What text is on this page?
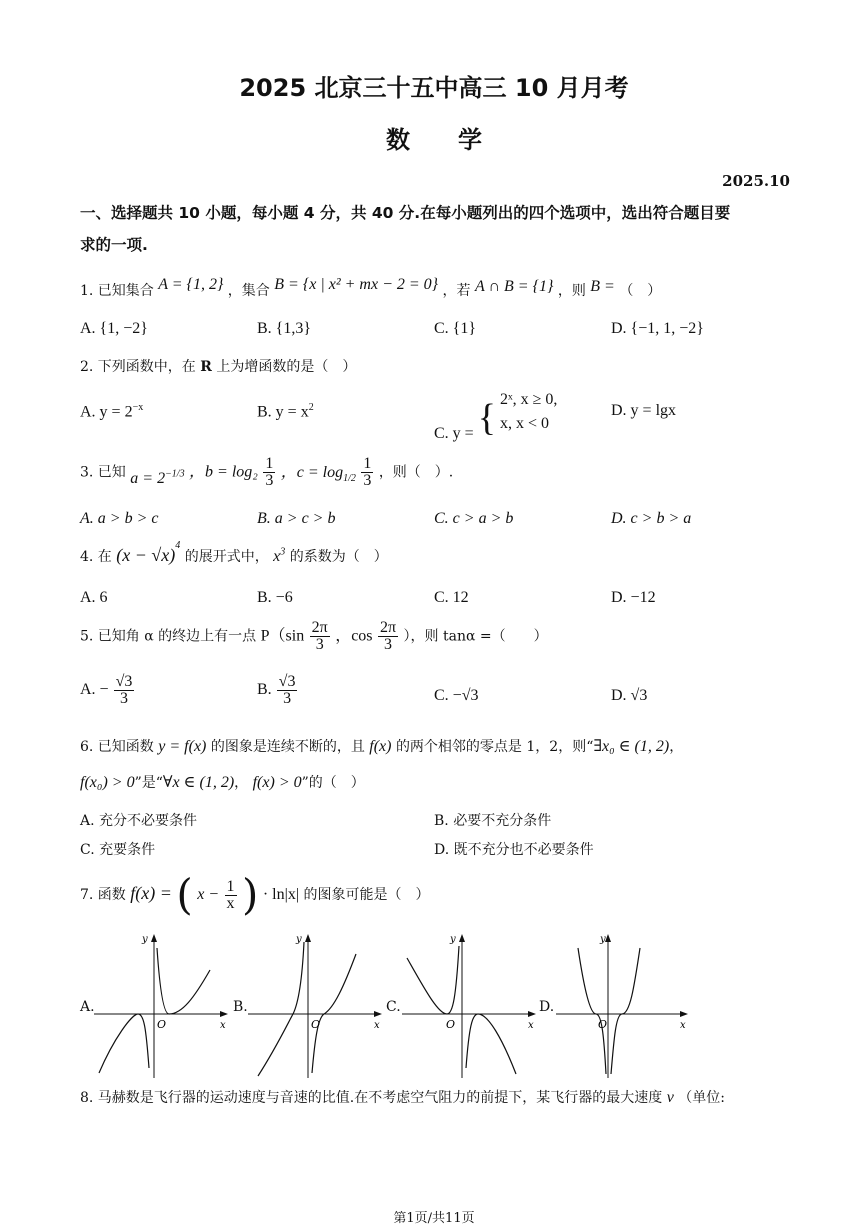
2025 北京三十五中高三 10 月月考
数　　学
2025.10
一、选择题共 10 小题，每小题 4 分，共 40 分.在每小题列出的四个选项中，选出符合题目要
求的一项.
1. 已知集合 A = {1, 2} ，集合 B = {x | x² + mx − 2 = 0} ，若 A ∩ B = {1} ，则 B = （　）
A. {1, −2}	B. {1,3}	C. {1}	D. {−1, 1, −2}
2. 下列函数中，在 R 上为增函数的是（　）
A. $y = 2^{-x}$	B. $y = x^2$
C. y = { 2ˣ, x ≥ 0,
x, x < 0
D. y = lgx
3. 已知 $a = 2^{-1/3}$ ，$b = \log_2 \frac{1}{3}$ ，$c = \log_{1/2} \frac{1}{3}$ ，则（　）.
A. a > b > c	B. a > c > b	C. c > a > b	D. c > b > a
4. 在 $(x - √x)^4$ 的展开式中， $x^3$ 的系数为（　）
A. 6	B. −6	C. 12	D. −12
5. 已知角 α 的终边上有一点 $P(\sin \frac{2\pi}{3}$ ，$\cos \frac{2\pi}{3}$ ），则 tanα =（　　）
A. − $\frac{√3}{3}$	B. $\frac{√3}{3}$	C. −√3	D. √3
6. 已知函数 y = f(x) 的图象是连续不断的，且 f(x) 的两个相邻的零点是 1，2，则“∃x₀ ∈ (1, 2)，
f(x₀) > 0”是“∀x ∈ (1, 2)， f(x) > 0”的（　）
A. 充分不必要条件	B. 必要不充分条件
C. 充要条件	D. 既不充分也不必要条件
7. 函数 f(x) = ( $x - \frac{1}{x}$ ) · ln|x| 的图象可能是（　）
A.	B.	C.	D.
y
x
O
y
x
O
y
x
O
y
x
O
8. 马赫数是飞行器的运动速度与音速的比值.在不考虑空气阻力的前提下，某飞行器的最大速度 v （单位:
第1页/共11页
